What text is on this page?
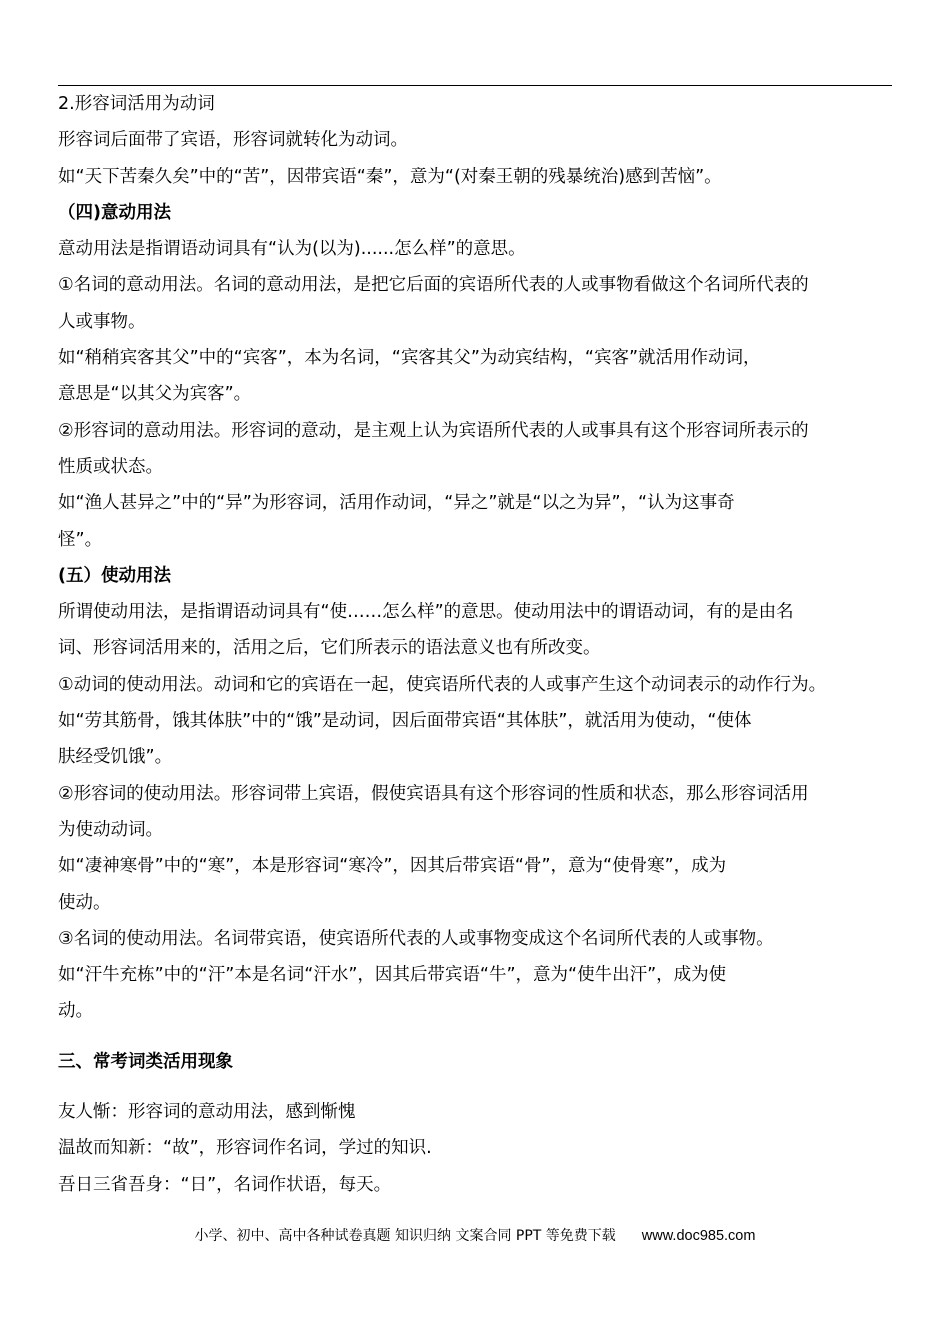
2.形容词活用为动词
形容词后面带了宾语，形容词就转化为动词。
如“天下苦秦久矣”中的“苦”，因带宾语“秦”，意为“(对秦王朝的残暴统治)感到苦恼”。
（四)意动用法
意动用法是指谓语动词具有“认为(以为)......怎么样”的意思。
①名词的意动用法。名词的意动用法，是把它后面的宾语所代表的人或事物看做这个名词所代表的
人或事物。
如“稍稍宾客其父”中的“宾客”，本为名词，“宾客其父”为动宾结构，“宾客”就活用作动词，
意思是“以其父为宾客”。
②形容词的意动用法。形容词的意动，是主观上认为宾语所代表的人或事具有这个形容词所表示的
性质或状态。
如“渔人甚异之”中的“异”为形容词，活用作动词，“异之”就是“以之为异”，“认为这事奇
怪”。
(五）使动用法
所谓使动用法，是指谓语动词具有“使……怎么样”的意思。使动用法中的谓语动词，有的是由名
词、形容词活用来的，活用之后，它们所表示的语法意义也有所改变。
①动词的使动用法。动词和它的宾语在一起，使宾语所代表的人或事产生这个动词表示的动作行为。
如“劳其筋骨，饿其体肤”中的“饿”是动词，因后面带宾语“其体肤”，就活用为使动，“使体
肤经受饥饿”。
②形容词的使动用法。形容词带上宾语，假使宾语具有这个形容词的性质和状态，那么形容词活用
为使动动词。
如“凄神寒骨”中的“寒”，本是形容词“寒冷”，因其后带宾语“骨”，意为“使骨寒”，成为
使动。
③名词的使动用法。名词带宾语，使宾语所代表的人或事物变成这个名词所代表的人或事物。
如“汗牛充栋”中的“汗”本是名词“汗水”，因其后带宾语“牛”，意为“使牛出汗”，成为使
动。
三、常考词类活用现象
友人惭：形容词的意动用法，感到惭愧
温故而知新：“故”，形容词作名词，学过的知识.
吾日三省吾身：“日”，名词作状语，每天。
小学、初中、高中各种试卷真题 知识归纳 文案合同 PPT 等免费下载 www.doc985.com
